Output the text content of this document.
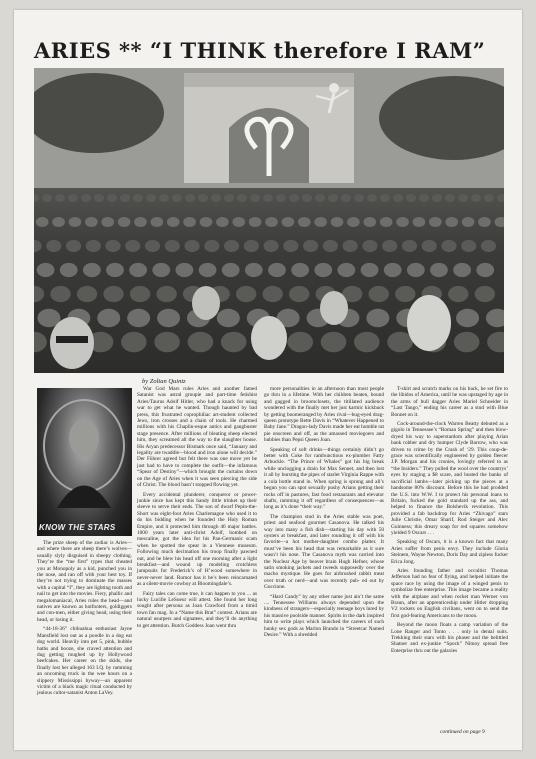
ARIES ** “I THINK therefore I RAM”
by Zoltan Quintz
KNOW THE STARS

The prize sheep of the zodiac is Aries—and where there are sheep there’s wolves—usually slyly disguised in sheepy clothing. They’re the “me first” types that cheated you at Monopoly as a kid, punched you in the nose, and ran off with your best toy. If they’re not trying to dominate the masses with a capital “I”, they are lighting tooth and nail to get into the movies. Fiery, phallic and megalomaniacal, Aries rules the head—and natives are known as hotfooters, goldiggers and con-men, either giving head, using their head, or losing it.

“44-18-36” chihuahua enthusiast Jayne Mansfield lost out as a poodle in a dog eat dog world. Heavily into pet 5, pink, bubble baths and booze, she craved attention and dug getting roughed up by Hollywood beefcakes. Her career on the skids, she finally lost her alleged 163 I.Q. by ramming an oncoming truck in the wee hours on a slippery Mississippi byway—an apparent victim of a black magic ritual conducted by jealous cultor-satanist Anton LaVey.

War God Mars rules Aries and another famed Satanist was astral groupie and part-time fetishist Aries/Taurus Adolf Hitler, who had a knack for using war to get what he wanted. Though haunted by bad press, this frustrated coprophiliac art-student collected Jews, iron crosses and a chain of tools. He charmed millions with his Chaplin-esque antics and gangbuster stage presence. After millions of bleating sheep elected him, they screamed all the way to the slaughter house. His Aryan predecessor Bismark once said, “January and legality are twaddle—blood and iron alone will decide.” Der Führer agreed but felt there was one move yet he just had to have to complete the outfit—the infamous “Spear of Destiny”—which brought the curtains down on the Age of Aries when it was seen piercing the side of Christ. The blood hasn’t stopped flowing yet.

Every accidental plunderer, conqueror or power-junkie since has kept this bandy little trinket up their sleeve to serve their ends. The son of dwarf Pepin-the-Short was eight-foot Aries Charlemagne who used it to do his bidding when he founded the Holy Roman Empire, and it protected him through 46 major battles. 1000 years later anti-christ Adolf, bombed on mescaline, got the idea for his Pan-Germanic scam when he spotted the spear in a Viennese museum. Following much decimation his troop finally pawned out, and he blew his head off one morning after a light breakfast—and wound up modeling crotchless jumpsuits for Frederick’s of H’wood somewhere in never-never land. Rumor has it he’s been reincarnated as a silent-movie cowboy at Bloomingdale’s.

Fairy tales can come true, it can happen to you ... as lucky Lucille LeSueur will attest. She found her long sought after persona as Joan Crawford from a timid town fan mag. In a “Name this Brat” contest. Arians are natural usurpers and signatees, and they’ll do anything to get attention. Butch Goddess Joan went thru

more personalities in an afternoon than most people go thru in a lifetime. With her children beaten, bound and gagged in broomclosets, the titillated audience wondered with the finally met her just karmic kickback by getting boomeranged by Aries rival—bug-eyed drag-queen prototype Bette Davis in “Whatever Happened to Baby Jane.” Dragon-lady Davis made her eat humble rat pie onscreen and off, as the amassed moviegoers and hubbies than Pepsi Queen Joan.

Speaking of soft drinks—things certainly didn’t go better with Coke for rambunctious ex-plumber Fatty Arbuckle. “The Prince of Whales” got his big break while unclogging a drain for Max Sennet, and then lost it all by bursting the pipes of starlet Virginia Rappe with a cola bottle stand in. When spring is sprung and all’s begun you can spot sexually pushy Arians getting their rocks off in pastures, fast food restaurants and elevator shafts, ramming it off regardless of consequences—as long as it’s done “their way.”

The champion stud in the Aries stable was poet, priest and seafood gourmet Casanova. He talked his way into many a fish dish—starting his day with 50 oysters at breakfast, and later rounding it off with his favorite—a hot mother-daughter combo platter. It must’ve been his head that was remarkable as it sure wasn’t his nose. The Casanova myth was carried into the Nuclear Age by beaver brain Hugh Hefner, whose satin smoking jackets and tweeds supposedly over the macho mystique. He goes for airbrushed rabbit meat over truth or nerd—and was recently pub- ed out by Guccione.

“Hard Candy” by any other name just ain’t the same .... Tennessee Williams always depended upon the kindness of strangers—especially teenage boys lured by his massive poolside manner. Spirits in the dark inspired him to write plays which launched the careers of such hunky sex gods as Marlon Brando in “Streetcar Named Desire.” With a shredded

T-shirt and scratch marks on his back, he set fire to the libidos of America, until he was upstaged by age in the arms of bull dagger Aries Mariel Schneider in “Last Tango,” ending his career as a stud with Blue Bonnet on it.

Cock-around-the-clock Warren Beatty debuted as a gigolo in Tennessee’s “Roman Spring” and then blow-dryed his way to superstardom after playing Arian bank robber and dry humper Clyde Barrow, who was driven to crime by the Crash of ‘29. This coup-de-grace was scientifically engineered by golden fleecer J.P. Morgan and his cronies, lovingly referred to as “the Insiders.” They pulled the wool over the countrys’ eyes by staging a $8 scare, and busted the banks of sacrificial lambs—later picking up the pieces at a handsome 80% discount. Before this he had prodded the U.S. into W.W. I to protect his personal loans to Britain, fucked the gold standard up the ass, and helped to finance the Bolshevik revolution. This provided a fab backdrop for Aries “Zhivago” stars Julie Christie, Omar Sharif, Rod Steiger and Alec Guinness; this dreary soap for red squares somehow yielded 9 Oscars . . .

Speaking of Oscars, it is a known fact that many Aries suffer from penis envy. They include Gloria Steinem, Wayne Newton, Doris Day and zipless fucker Erica Jong.

Aries founding father and occultist Thomas Jefferson had no fear of flying, and helped initiate the space race by using the image of a winged penis to symbolize free enterprise. This image became a reality with the airplane and when rocket man Werner von Braun, after an apprenticeship under Hitler dropping V2 rockets on English civilians, went on to send the first god-fearing Americans to the moon.

Beyond the moon floats a camp variation of the Lone Ranger and Tonto . . . only in dental suits. Trekking their stars with his phaser and the belittled Shatner and ex-junkie “Spock” Nimoy spread free Enterprise thru out the galaxies

continued on page 9
